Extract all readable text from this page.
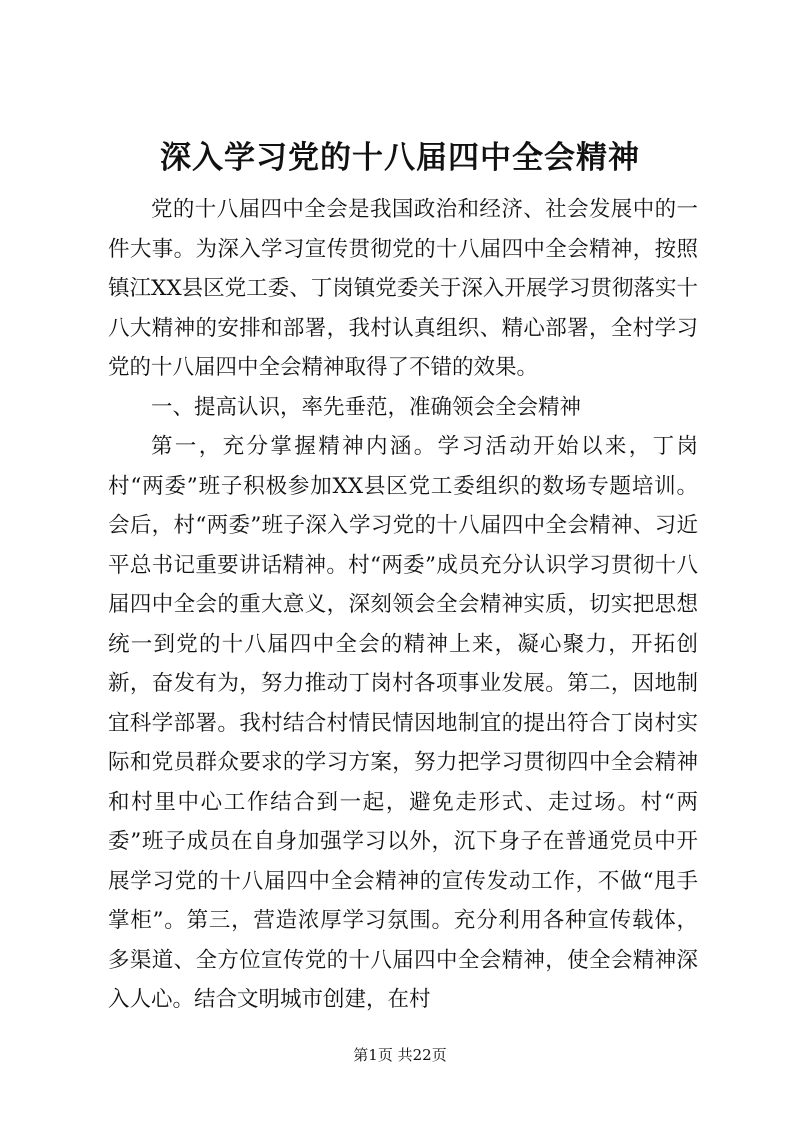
深入学习党的十八届四中全会精神

党的十八届四中全会是我国政治和经济、社会发展中的一件大事。为深入学习宣传贯彻党的十八届四中全会精神，按照镇江XX县区党工委、丁岗镇党委关于深入开展学习贯彻落实十八大精神的安排和部署，我村认真组织、精心部署，全村学习党的十八届四中全会精神取得了不错的效果。

一、提高认识，率先垂范，准确领会全会精神

第一，充分掌握精神内涵。学习活动开始以来，丁岗村“两委”班子积极参加XX县区党工委组织的数场专题培训。会后，村“两委”班子深入学习党的十八届四中全会精神、习近平总书记重要讲话精神。村“两委”成员充分认识学习贯彻十八届四中全会的重大意义，深刻领会全会精神实质，切实把思想统一到党的十八届四中全会的精神上来，凝心聚力，开拓创新，奋发有为，努力推动丁岗村各项事业发展。第二，因地制宜科学部署。我村结合村情民情因地制宜的提出符合丁岗村实际和党员群众要求的学习方案，努力把学习贯彻四中全会精神和村里中心工作结合到一起，避免走形式、走过场。村“两委”班子成员在自身加强学习以外，沉下身子在普通党员中开展学习党的十八届四中全会精神的宣传发动工作，不做“甩手掌柜”。第三，营造浓厚学习氛围。充分利用各种宣传载体，多渠道、全方位宣传党的十八届四中全会精神，使全会精神深入人心。结合文明城市创建，在村

第1页 共22页
